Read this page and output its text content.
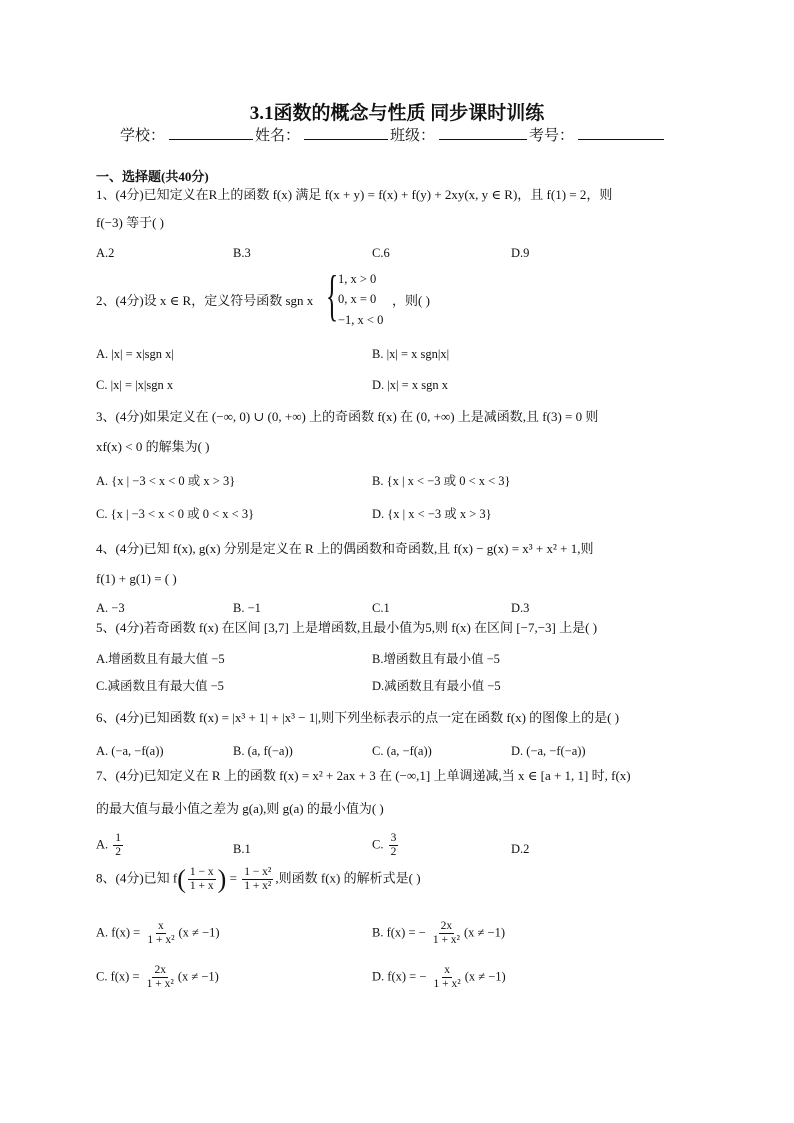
3.1函数的概念与性质 同步课时训练
学校：	姓名：	班级：	考号：
一、选择题(共40分)
1、(4分)已知定义在R上的函数 f(x) 满足 f(x + y) = f(x) + f(y) + 2xy(x, y ∈ R)，且 f(1) = 2，则
f(−3) 等于( )
A.2	B.3	C.6	D.9
2、(4分)设 x ∈ R，定义符号函数 sgn x { 1, x > 0
0, x = 0
−1, x < 0
，则( )
A. |x| = x|sgn x|	B. |x| = x sgn|x|
C. |x| = |x|sgn x	D. |x| = x sgn x
3、(4分)如果定义在 (−∞, 0) ∪ (0, +∞) 上的奇函数 f(x) 在 (0, +∞) 上是减函数,且 f(3) = 0 则
xf(x) < 0 的解集为( )
A. {x | −3 < x < 0 或 x > 3}	B. {x | x < −3 或 0 < x < 3}
C. {x | −3 < x < 0 或 0 < x < 3}	D. {x | x < −3 或 x > 3}
4、(4分)已知 f(x), g(x) 分别是定义在 R 上的偶函数和奇函数,且 f(x) − g(x) = x³ + x² + 1,则
f(1) + g(1) = ( )
A. −3	B. −1	C.1	D.3
5、(4分)若奇函数 f(x) 在区间 [3,7] 上是增函数,且最小值为5,则 f(x) 在区间 [−7,−3] 上是( )
A.增函数且有最大值 −5	B.增函数且有最小值 −5
C.减函数且有最大值 −5	D.减函数且有最小值 −5
6、(4分)已知函数 f(x) = |x³ + 1| + |x³ − 1|,则下列坐标表示的点一定在函数 f(x) 的图像上的是( )
A. (−a, −f(a))	B. (a, f(−a))	C. (a, −f(a))	D. (−a, −f(−a))
7、(4分)已知定义在 R 上的函数 f(x) = x² + 2ax + 3 在 (−∞,1] 上单调递减,当 x ∈ [a + 1, 1] 时, f(x)
的最大值与最小值之差为 g(a),则 g(a) 的最小值为( )
A. $\frac{1}{2}$	B.1	C. $\frac{3}{2}$	D.2
8、(4分)已知 $f( \frac{1 - x}{1 + x}$ ) = $\frac{\text{1 − x²}}{\text{1 + x²}}$ ,则函数 f(x) 的解析式是( )
A. $f(x) = \frac{x}{\text{1 + x²}} (x \ne -1)$	B. f(x) = − $\frac{2x}{\text{1 + x²}} (x \ne -1)$
C. $f(x) = \frac{2x}{\text{1 + x²}} (x \ne -1)$	D. f(x) = − $\frac{x}{\text{1 + x²}} (x \ne -1)$
